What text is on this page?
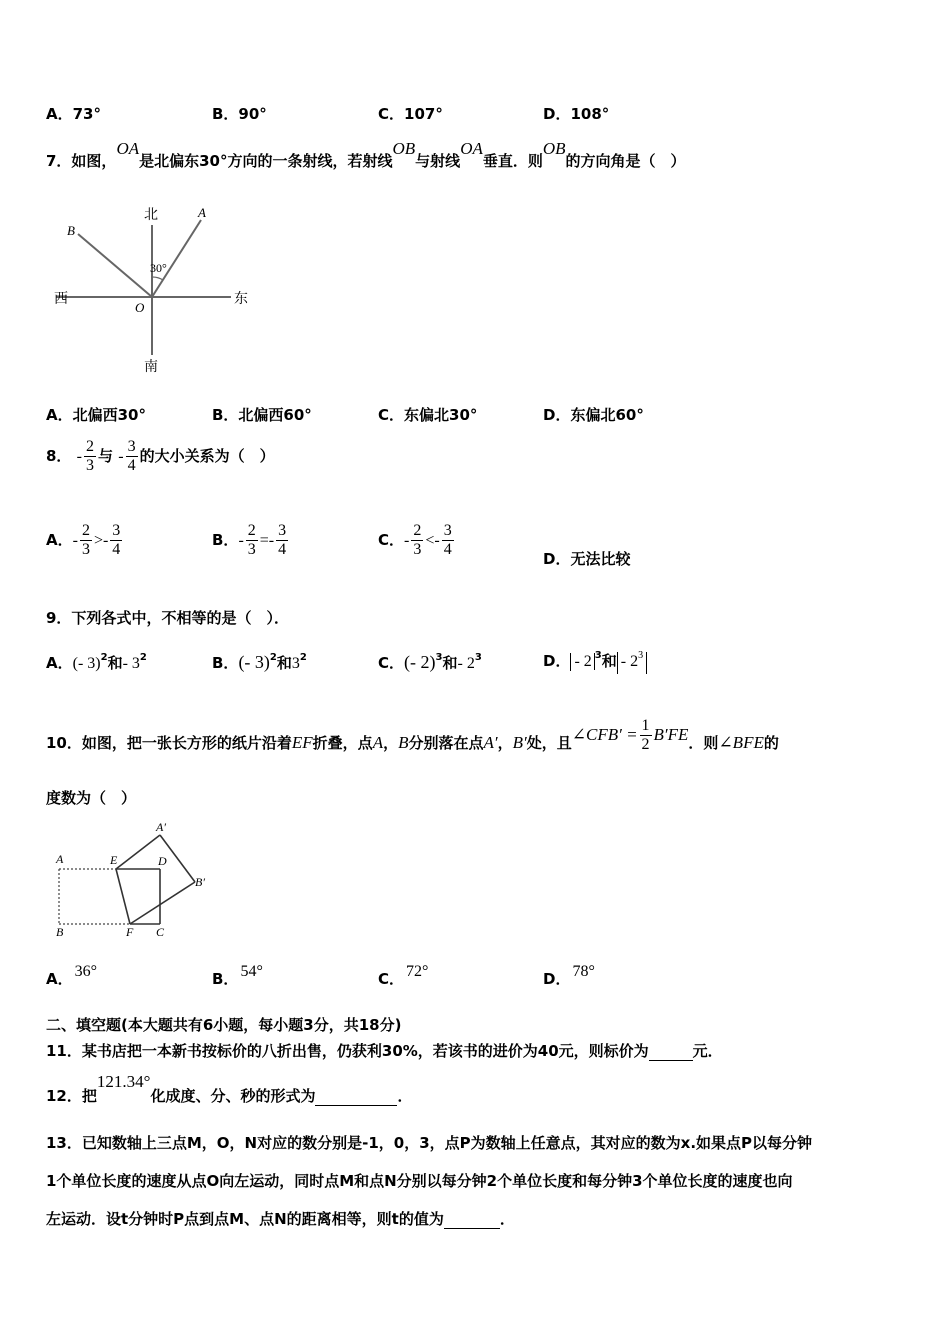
A．73°	B．90°	C．107°	D．108°
7．如图，OA是北偏东30°方向的一条射线，若射线OB与射线OA垂直．则OB的方向角是（　）
北
南
西	东
A
B
O
30°
A．北偏西30°	B．北偏西60°	C．东偏北30°	D．东偏北60°
8． - $\frac{2}{3}$ 与 - $\frac{3}{4}$ 的大小关系为（　）
A．- $\frac{2}{3} >- \frac{3}{4}$	B．- $\frac{2}{3} =- \frac{3}{4}$	C．- $\frac{2}{3} <- \frac{3}{4}$	D．无法比较
9．下列各式中，不相等的是（　）．
A．(- 3)$^2$和- $3^2$	B．(- 3)$^2$和$3^2$	C．(- 2)$^3$和- $2^3$	D． - 2 $^3$和 - $2^3$
10．如图，把一张长方形的纸片沿着EF折叠，点A，B分别落在点A′，B′处，且∠CFB′ = $\frac{1}{2} B'FE$．则∠BFE的
度数为（　）
A
B	C
D
E
F
A′
B′
A． 36°	B． 54°	C． 72°	D． 78°
二、填空题(本大题共有6小题，每小题3分，共18分)
11．某书店把一本新书按标价的八折出售，仍获利30%，若该书的进价为40元，则标价为	元．
12．把121.34°化成度、分、秒的形式为	．
13．已知数轴上三点M，O，N对应的数分别是-1，0，3，点P为数轴上任意点，其对应的数为x.如果点P以每分钟
1个单位长度的速度从点O向左运动，同时点M和点N分别以每分钟2个单位长度和每分钟3个单位长度的速度也向
左运动．设t分钟时P点到点M、点N的距离相等，则t的值为	．
